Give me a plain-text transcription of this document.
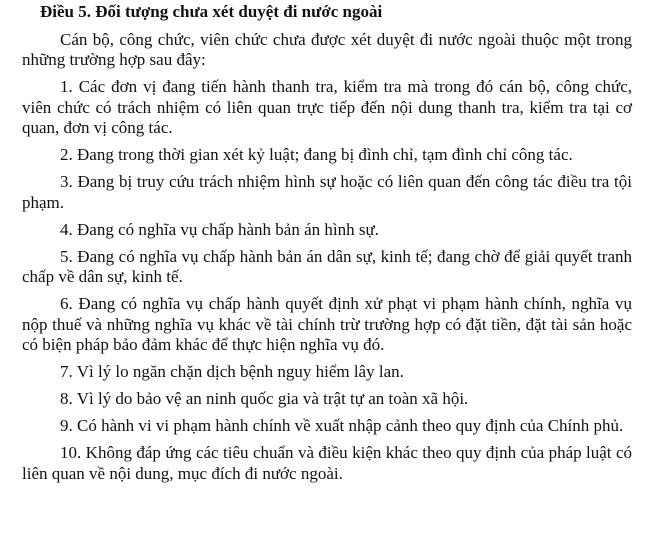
Điều 5. Đối tượng chưa xét duyệt đi nước ngoài

Cán bộ, công chức, viên chức chưa được xét duyệt đi nước ngoài thuộc một trong những trường hợp sau đây:

1. Các đơn vị đang tiến hành thanh tra, kiểm tra mà trong đó cán bộ, công chức, viên chức có trách nhiệm có liên quan trực tiếp đến nội dung thanh tra, kiểm tra tại cơ quan, đơn vị công tác.

2. Đang trong thời gian xét kỷ luật; đang bị đình chỉ, tạm đình chỉ công tác.

3. Đang bị truy cứu trách nhiệm hình sự hoặc có liên quan đến công tác điều tra tội phạm.

4. Đang có nghĩa vụ chấp hành bản án hình sự.

5. Đang có nghĩa vụ chấp hành bản án dân sự, kinh tế; đang chờ để giải quyết tranh chấp về dân sự, kinh tế.

6. Đang có nghĩa vụ chấp hành quyết định xử phạt vi phạm hành chính, nghĩa vụ nộp thuế và những nghĩa vụ khác về tài chính trừ trường hợp có đặt tiền, đặt tài sản hoặc có biện pháp bảo đảm khác để thực hiện nghĩa vụ đó.

7. Vì lý lo ngăn chặn dịch bệnh nguy hiểm lây lan.

8. Vì lý do bảo vệ an ninh quốc gia và trật tự an toàn xã hội.

9. Có hành vi vi phạm hành chính về xuất nhập cảnh theo quy định của Chính phủ.

10. Không đáp ứng các tiêu chuẩn và điều kiện khác theo quy định của pháp luật có liên quan về nội dung, mục đích đi nước ngoài.
